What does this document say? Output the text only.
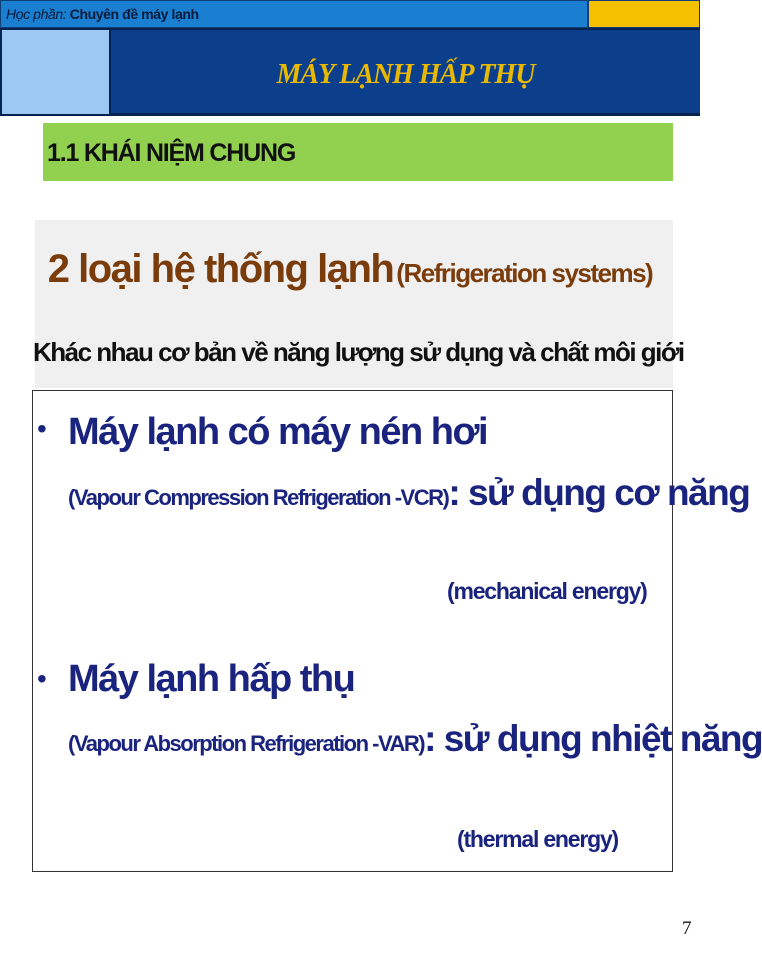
Học phần: Chuyên đề máy lạnh
MÁY LẠNH HẤP THỤ
1.1 KHÁI NIỆM CHUNG
2 loại hệ thống lạnh (Refrigeration systems)
Khác nhau cơ bản về năng lượng sử dụng và chất môi giới
• Máy lạnh có máy nén hơi
(Vapour Compression Refrigeration -VCR): sử dụng cơ năng
(mechanical energy)
• Máy lạnh hấp thụ
(Vapour Absorption Refrigeration -VAR): sử dụng nhiệt năng
(thermal energy)
7
